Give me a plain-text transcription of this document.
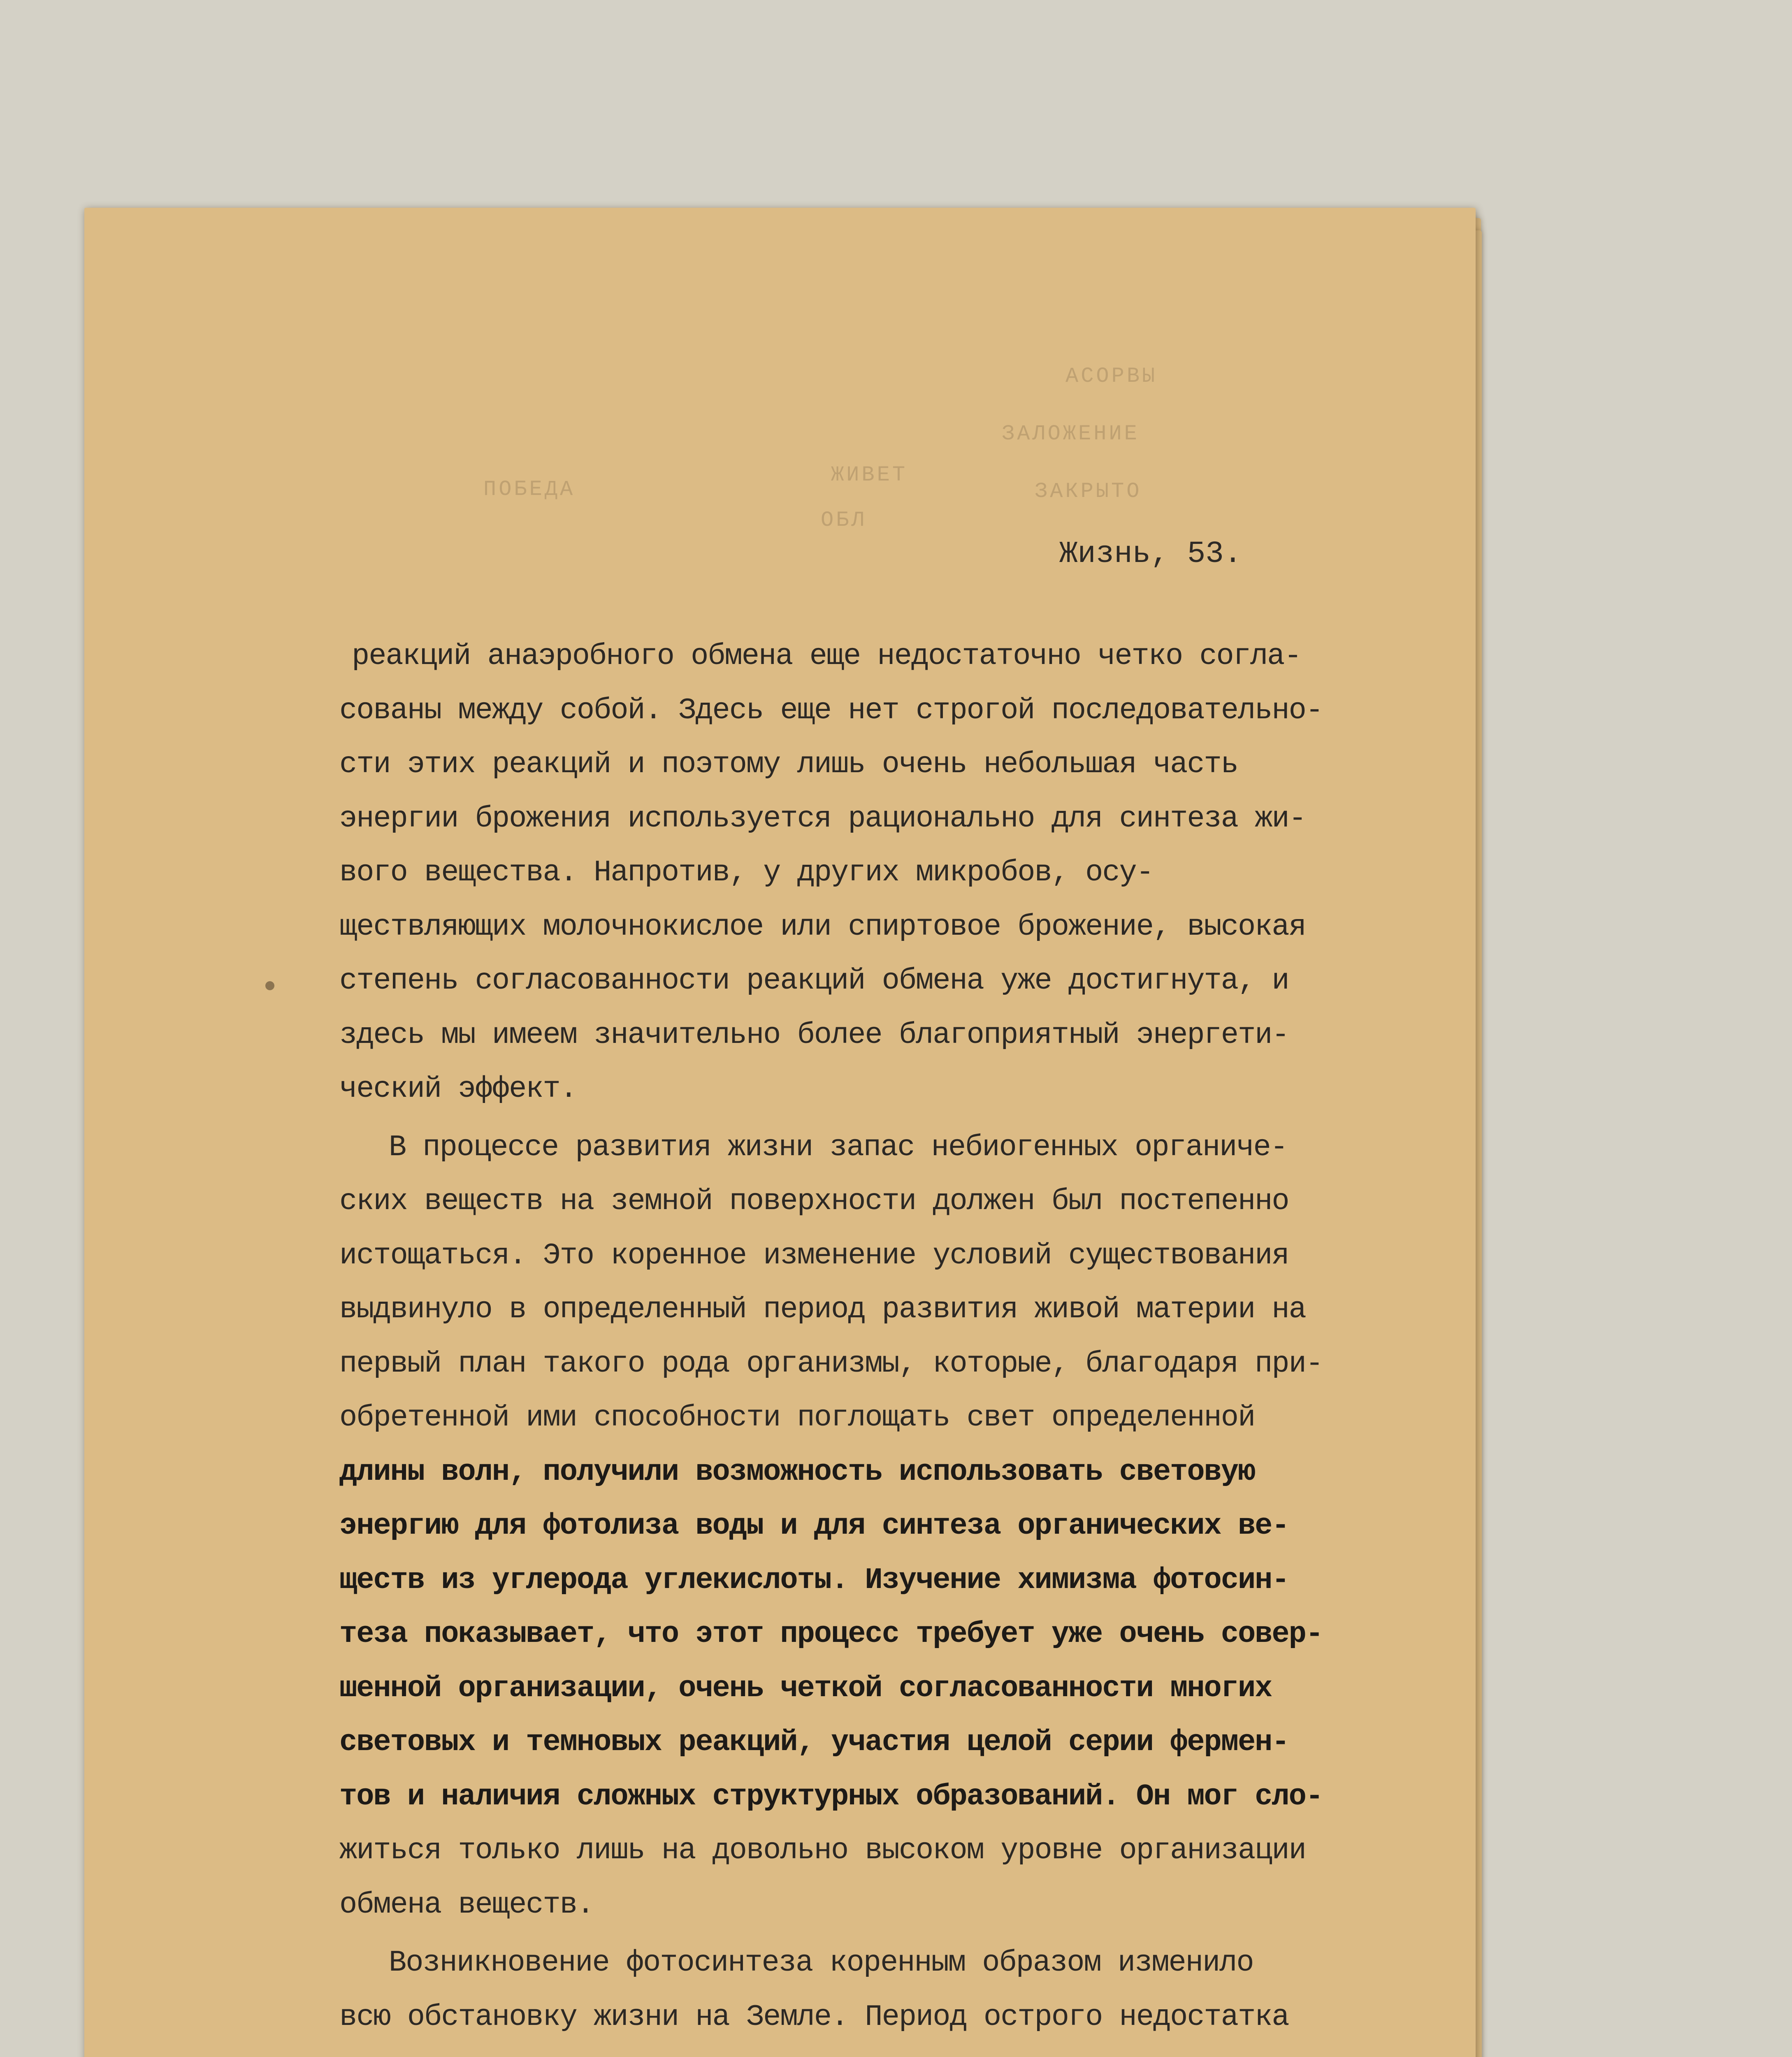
ACOPBЫ
ЗАЛОЖЕНИЕ
ЖИВЕТ
ЗАКРЫТО
ПОБЕДА
ОБЛ
Жизнь, 53.
реакций анаэробного обмена еще недостаточно четко согла-
сованы между собой. Здесь еще нет строгой последовательно-
сти этих реакций и поэтому лишь очень небольшая часть
энергии брожения используется рационально для синтеза жи-
вого вещества. Напротив, у других микробов, осу-
ществляющих молочнокислое или спиртовое брожение, высокая
степень согласованности реакций обмена уже достигнута, и
здесь мы имеем значительно более благоприятный энергети-
ческий эффект.
В процессе развития жизни запас небиогенных органиче-
ских веществ на земной поверхности должен был постепенно
истощаться. Это коренное изменение условий существования
выдвинуло в определенный период развития живой материи на
первый план такого рода организмы, которые, благодаря при-
обретенной ими способности поглощать свет определенной
длины волн, получили возможность использовать световую
энергию для фотолиза воды и для синтеза органических ве-
ществ из углерода углекислоты. Изучение химизма фотосин-
теза показывает, что этот процесс требует уже очень совер-
шенной организации, очень четкой согласованности многих
световых и темновых реакций, участия целой серии фермен-
тов и наличия сложных структурных образований. Он мог сло-
житься только лишь на довольно высоком уровне организации
обмена веществ.
Возникновение фотосинтеза коренным образом изменило
всю обстановку жизни на Земле. Период острого недостатка
